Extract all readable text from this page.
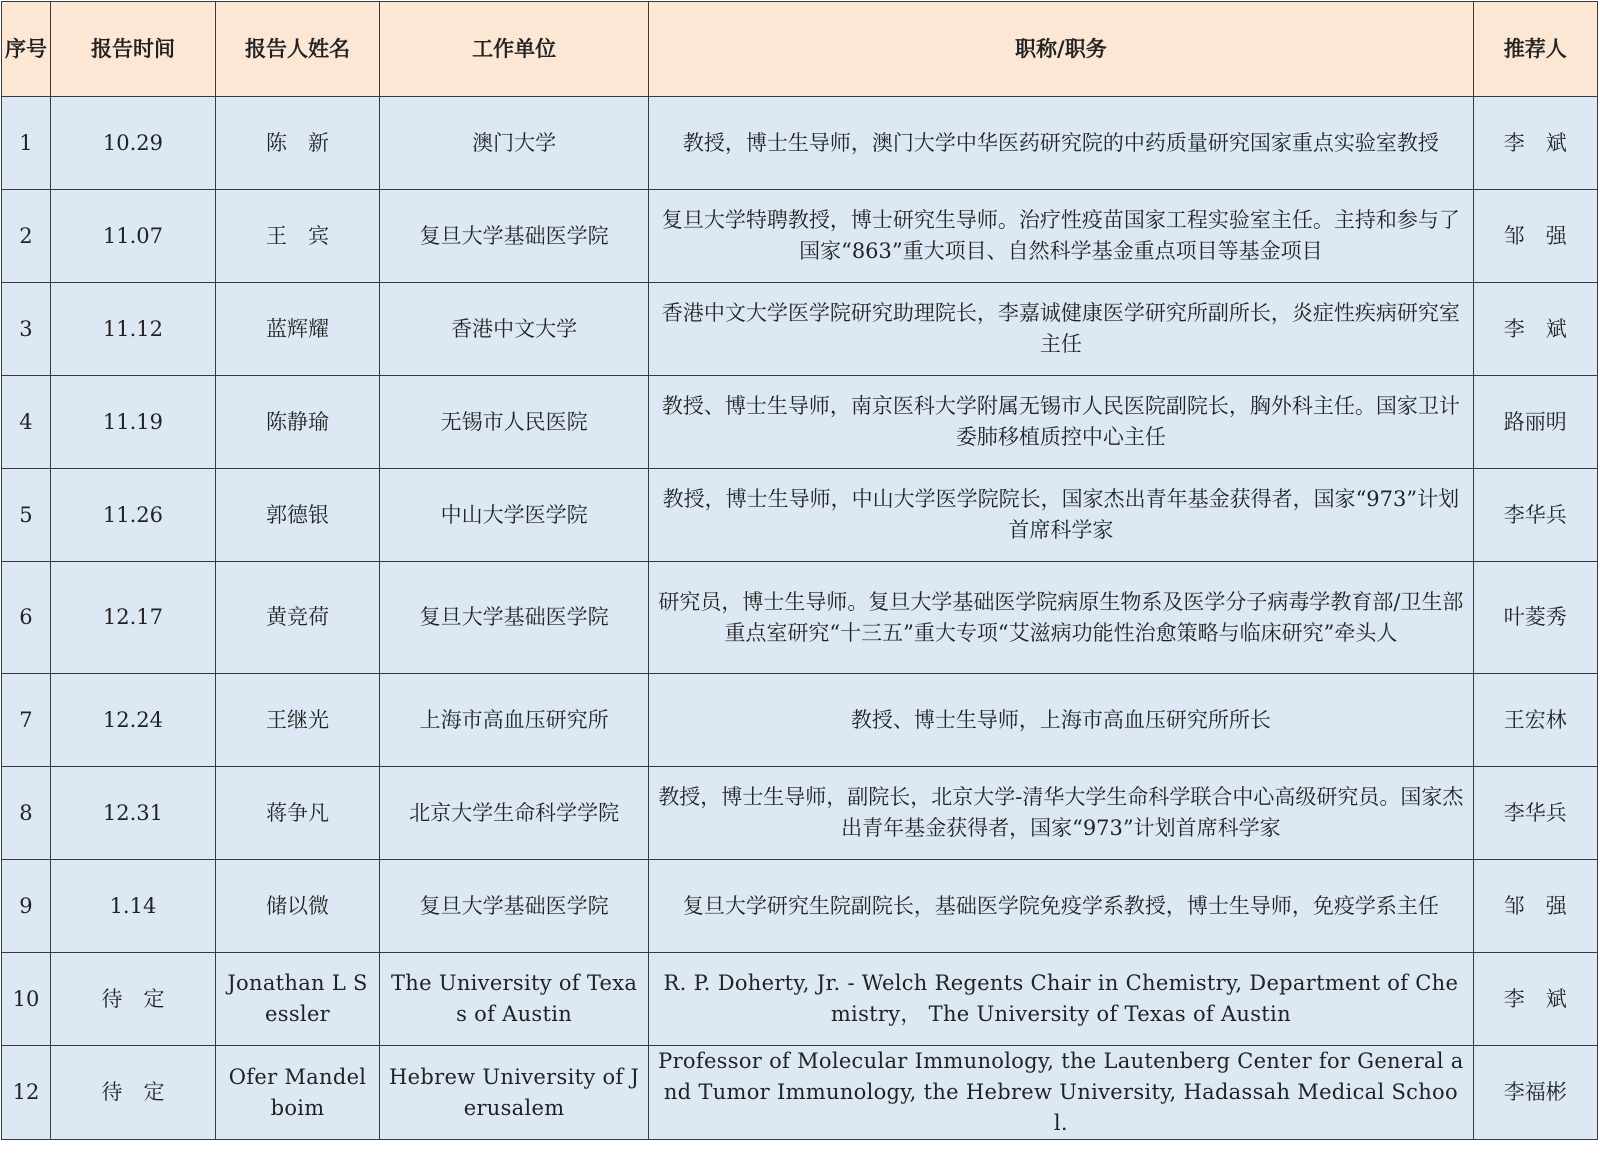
序号	报告时间	报告人姓名	工作单位	职称/职务	推荐人
1	10.29	陈　新	澳门大学	教授，博士生导师，澳门大学中华医药研究院的中药质量研究国家重点实验室教授	李　斌
2	11.07	王　宾	复旦大学基础医学院	复旦大学特聘教授，博士研究生导师。治疗性疫苗国家工程实验室主任。主持和参与了国家“863”重大项目、自然科学基金重点项目等基金项目	邹　强
3	11.12	蓝辉耀	香港中文大学	香港中文大学医学院研究助理院长，李嘉诚健康医学研究所副所长，炎症性疾病研究室主任	李　斌
4	11.19	陈静瑜	无锡市人民医院	教授、博士生导师，南京医科大学附属无锡市人民医院副院长，胸外科主任。国家卫计委肺移植质控中心主任	路丽明
5	11.26	郭德银	中山大学医学院	教授，博士生导师，中山大学医学院院长，国家杰出青年基金获得者，国家“973”计划首席科学家	李华兵
6	12.17	黄竞荷	复旦大学基础医学院	研究员，博士生导师。复旦大学基础医学院病原生物系及医学分子病毒学教育部/卫生部重点室研究“十三五”重大专项“艾滋病功能性治愈策略与临床研究”牵头人	叶菱秀
7	12.24	王继光	上海市高血压研究所	教授、博士生导师，上海市高血压研究所所长	王宏林
8	12.31	蒋争凡	北京大学生命科学学院	教授，博士生导师，副院长，北京大学-清华大学生命科学联合中心高级研究员。国家杰出青年基金获得者，国家“973”计划首席科学家	李华兵
9	1.14	储以微	复旦大学基础医学院	复旦大学研究生院副院长，基础医学院免疫学系教授，博士生导师，免疫学系主任	邹　强
10	待　定	Jonathan L Sessler	The University of Texas of Austin	R. P. Doherty, Jr. - Welch Regents Chair in Chemistry, Department of Chemistry， The University of Texas of Austin	李　斌
12	待　定	Ofer Mandelboim	Hebrew University of Jerusalem	Professor of Molecular Immunology, the Lautenberg Center for General and Tumor Immunology, the Hebrew University, Hadassah Medical School.	李福彬
